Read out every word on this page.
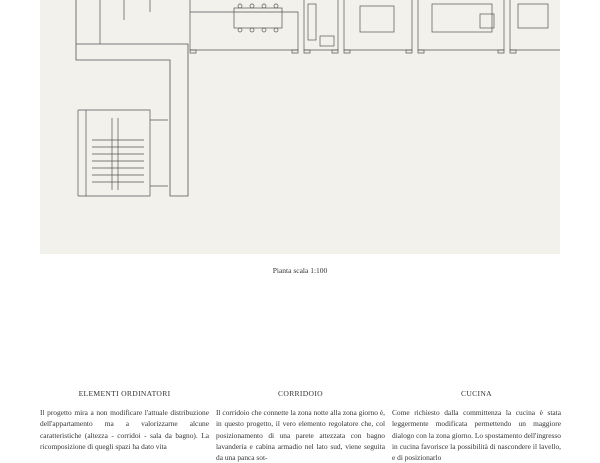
Pianta scala 1:100
ELEMENTI ORDINATORI

Il progetto mira a non modificare l'attuale distribuzione dell'appartamento ma a valorizzarne alcune caratteristiche (altezza - corridoi - sala da bagno). La ricomposizione di quegli spazi ha dato vita

CORRIDOIO

Il corridoio che connette la zona notte alla zona giorno è, in questo progetto, il vero elemento regolatore che, col posizionamento di una parete attezzata con bagno lavanderia e cabina armadio nel lato sud, viene seguita da una panca sot-

CUCINA

Come richiesto dalla committenza la cucina è stata leggermente modificata permettendo un maggiore dialogo con la zona giorno. Lo spostamento dell'ingresso in cucina favorisce la possibilità di nascondere il lavello, e di posizionarlo
